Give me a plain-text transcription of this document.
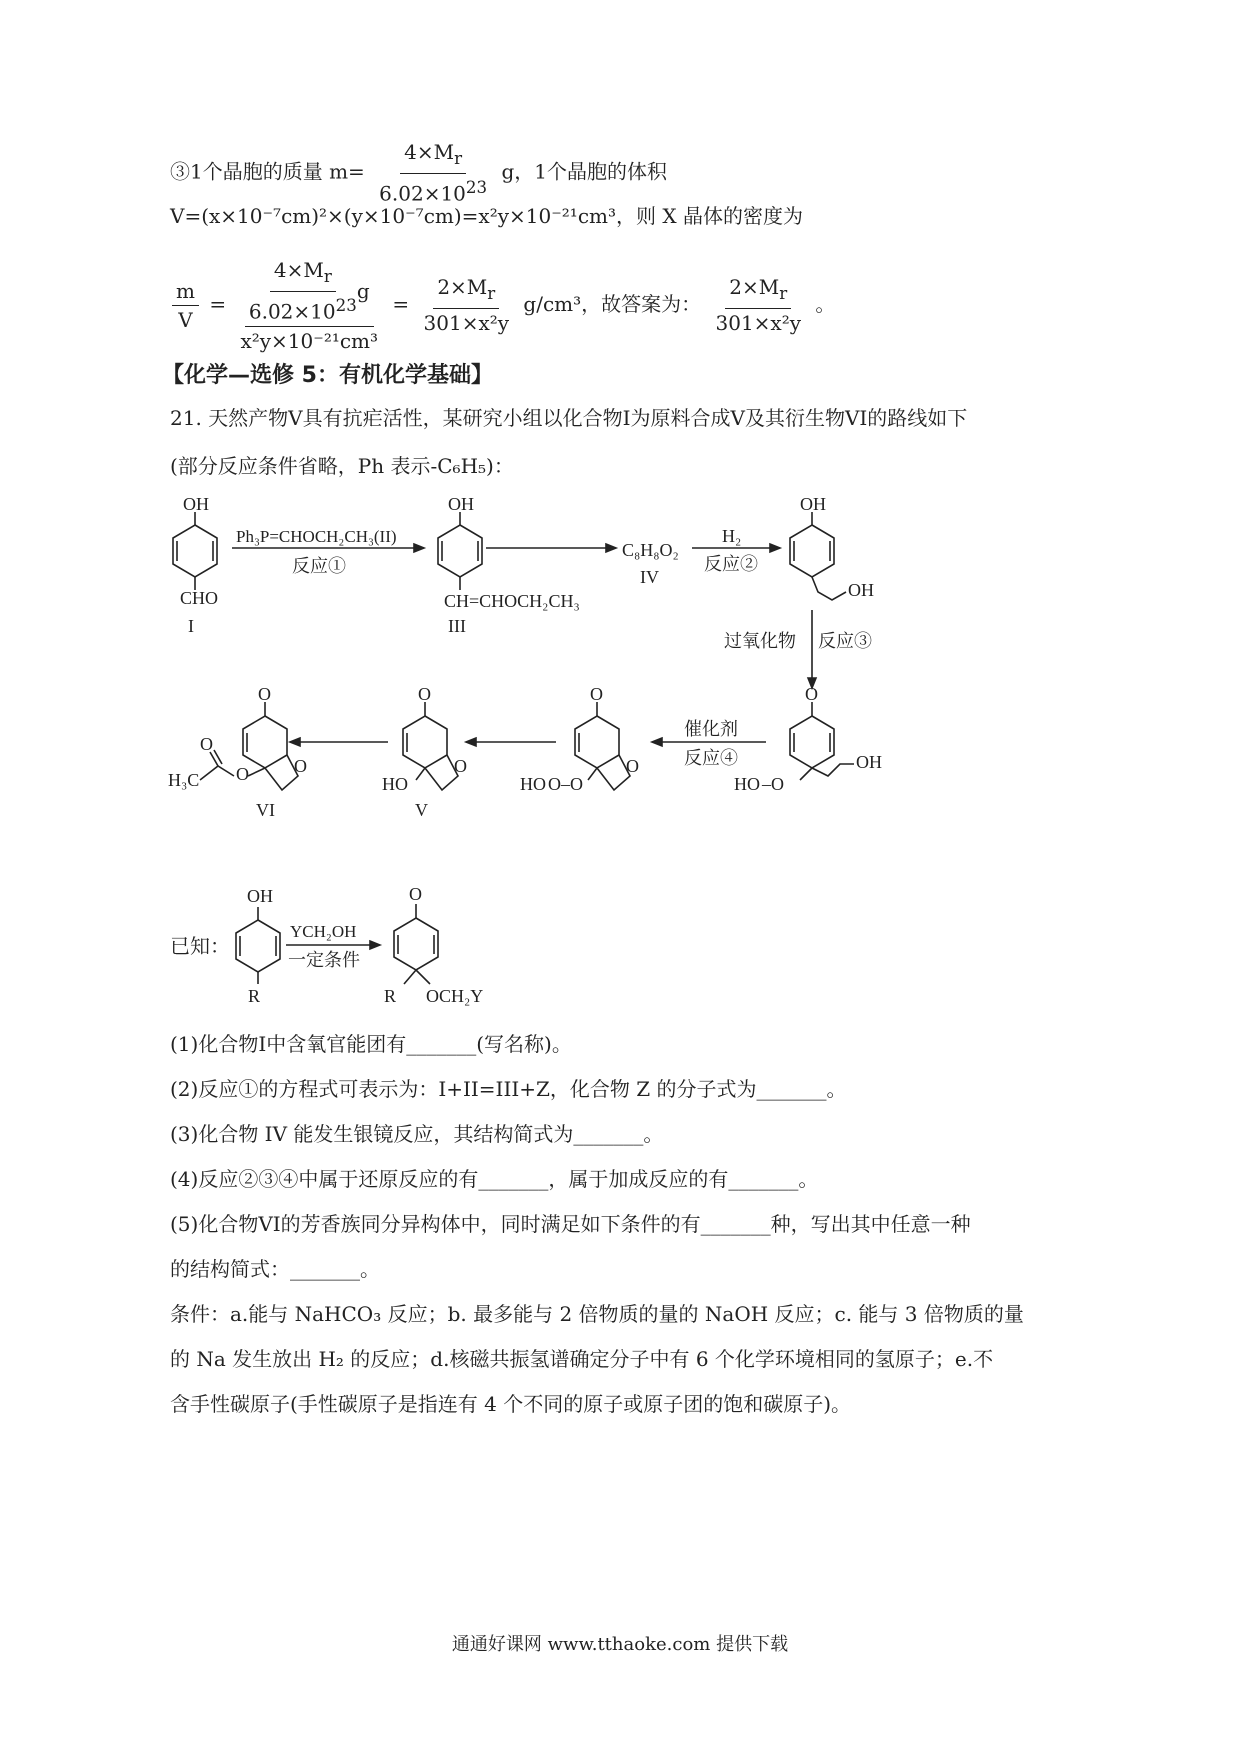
③1个晶胞的质量 $m= \frac{4\times M_r}{6.02\times 10^{23}}$ g，1个晶胞的体积
V=(x×10⁻⁷cm)²×(y×10⁻⁷cm)=x²y×10⁻²¹cm³，则 X 晶体的密度为
$\frac{m}{V} = \frac{\frac{4\times M_r}{6.02\times 10^{23}} g}{\text{x²y×10⁻²¹cm³}} = \frac{2\times M_r}{\text{301×x²y}} g/cm^3$，故答案为： $\frac{2\times M_r}{\text{301×x²y}}$ 。
【化学—选修 5：有机化学基础】
21. 天然产物V具有抗疟活性，某研究小组以化合物I为原料合成V及其衍生物VI的路线如下
(部分反应条件省略，Ph 表示-C₆H₅)：
OH
CHO
I
Ph₃P=CHOCH₂CH₃(II)
反应①
OH
CH=CHOCH₂CH₃
III
C₈H₈O₂
IV
H₂
反应②
OH
OH
过氧化物 反应③
O
HO –O
OH
催化剂
反应④
O
O
HO O–O
O
O
HO
V
O
O
O
O
H₃C
VI
已知：
OH
R
YCH₂OH
一定条件
O
R OCH₂Y
(1)化合物I中含氧官能团有_______(写名称)。
(2)反应①的方程式可表示为：I+II=III+Z，化合物 Z 的分子式为_______。
(3)化合物 IV 能发生银镜反应，其结构简式为_______。
(4)反应②③④中属于还原反应的有_______，属于加成反应的有_______。
(5)化合物VI的芳香族同分异构体中，同时满足如下条件的有_______种，写出其中任意一种
的结构简式：_______。
条件：a.能与 NaHCO₃ 反应；b. 最多能与 2 倍物质的量的 NaOH 反应；c. 能与 3 倍物质的量
的 Na 发生放出 H₂ 的反应；d.核磁共振氢谱确定分子中有 6 个化学环境相同的氢原子；e.不
含手性碳原子(手性碳原子是指连有 4 个不同的原子或原子团的饱和碳原子)。
通通好课网 www.tthaoke.com 提供下载
